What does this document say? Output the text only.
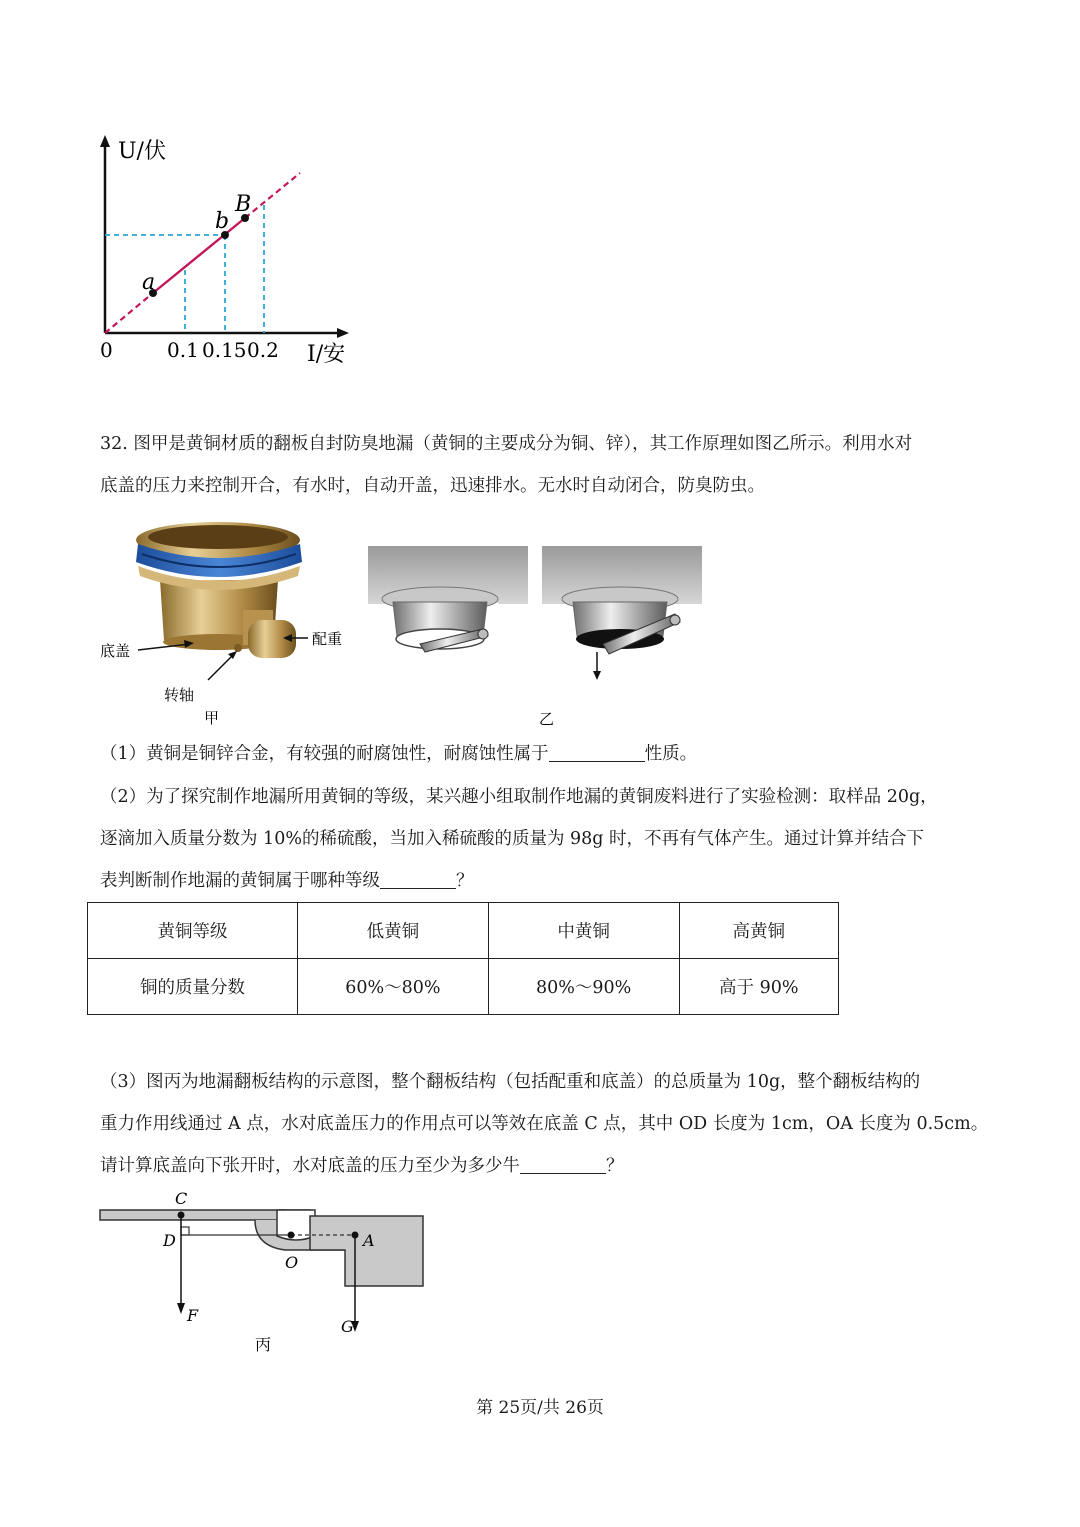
U/伏
I/安
0	0.1 0.15 0.2
a
b
B
32. 图甲是黄铜材质的翻板自封防臭地漏（黄铜的主要成分为铜、锌），其工作原理如图乙所示。利用水对
底盖的压力来控制开合，有水时，自动开盖，迅速排水。无水时自动闭合，防臭防虫。
底盖
配重
转轴
甲	乙
（1）黄铜是铜锌合金，有较强的耐腐蚀性，耐腐蚀性属于	性质。
（2）为了探究制作地漏所用黄铜的等级，某兴趣小组取制作地漏的黄铜废料进行了实验检测：取样品 20g，
逐滴加入质量分数为 10%的稀硫酸，当加入稀硫酸的质量为 98g 时，不再有气体产生。通过计算并结合下
表判断制作地漏的黄铜属于哪种等级	？
黄铜等级	低黄铜	中黄铜	高黄铜
铜的质量分数	60%～80%	80%～90%	高于 90%
（3）图丙为地漏翻板结构的示意图，整个翻板结构（包括配重和底盖）的总质量为 10g，整个翻板结构的
重力作用线通过 A 点，水对底盖压力的作用点可以等效在底盖 C 点，其中 OD 长度为 1cm，OA 长度为 0.5cm。
请计算底盖向下张开时，水对底盖的压力至少为多少牛	？
C
D
O
A
F
G
丙
第 25页/共 26页
